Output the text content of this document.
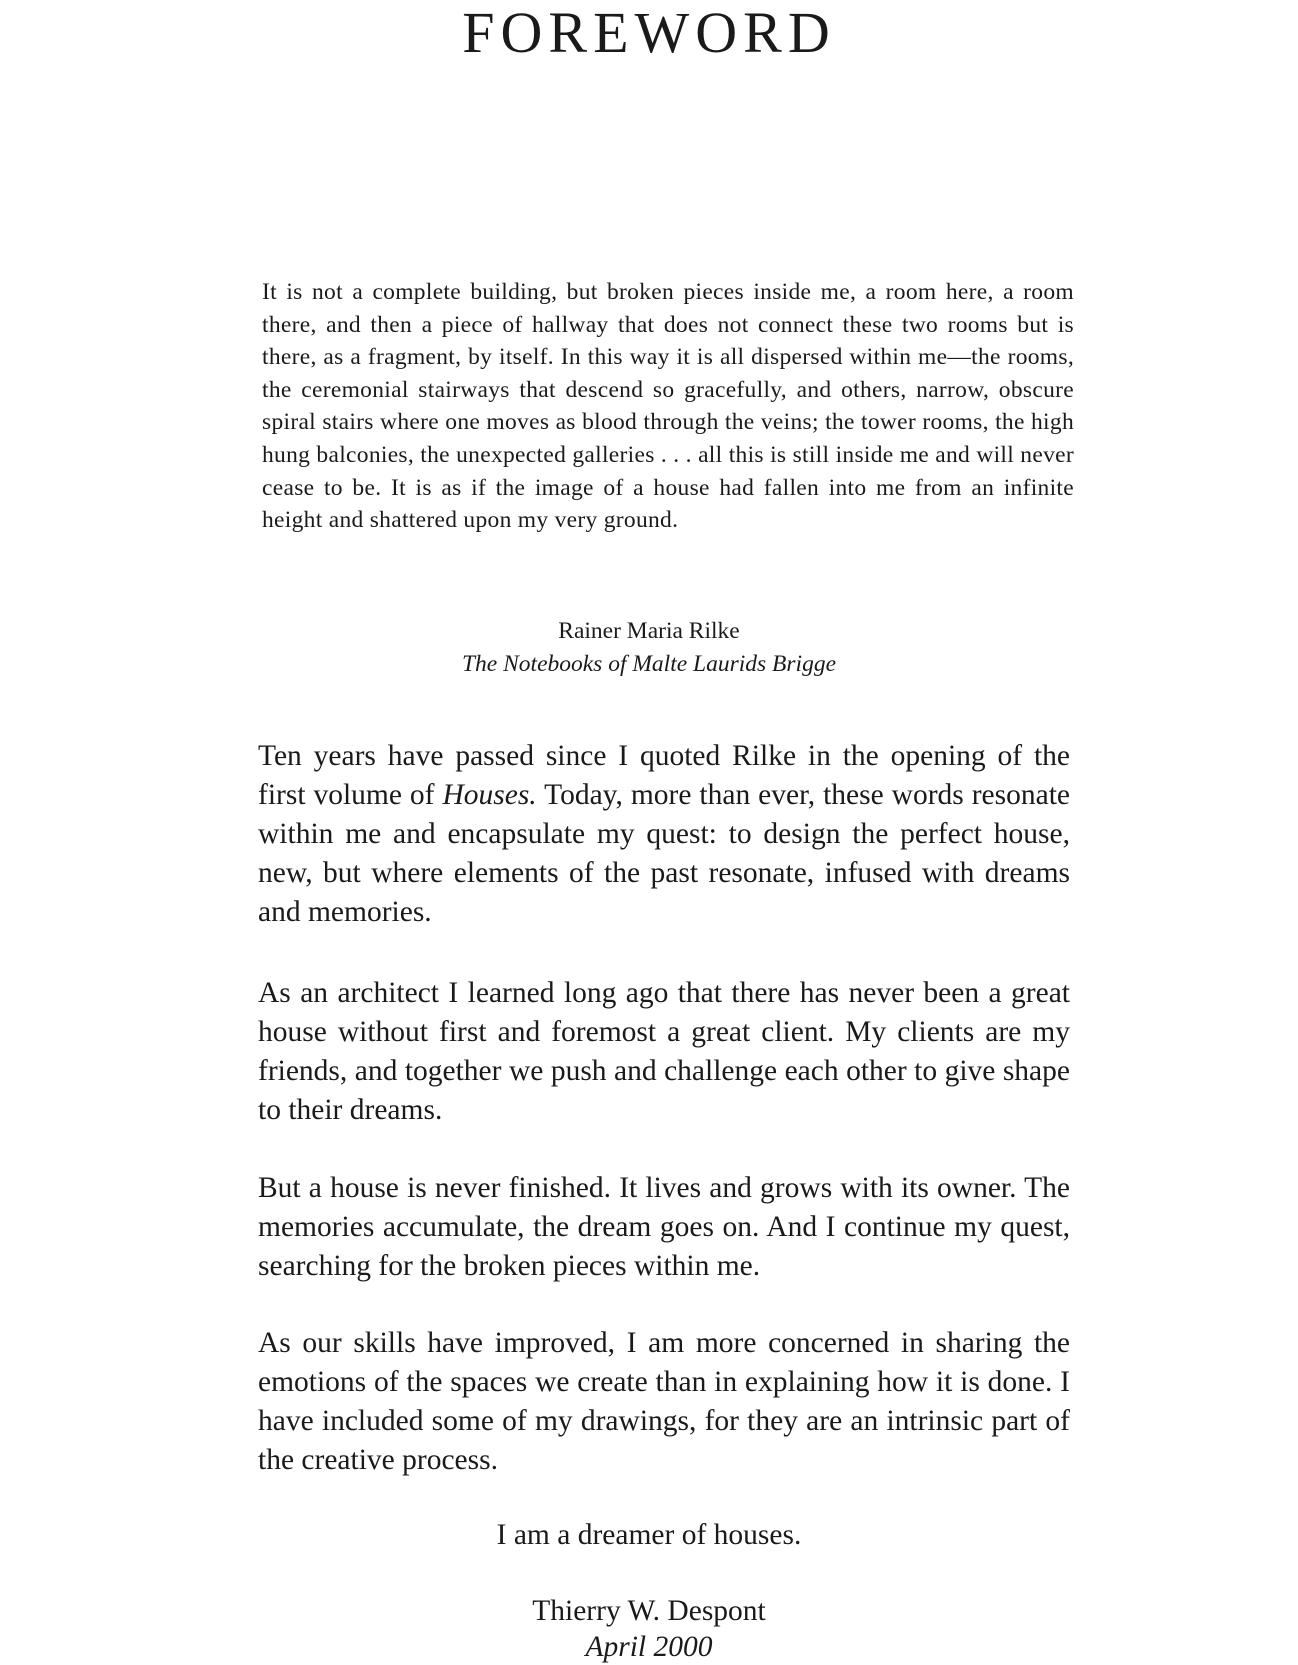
FOREWORD

It is not a complete building, but broken pieces inside me, a room here, a room there, and then a piece of hallway that does not connect these two rooms but is there, as a fragment, by itself. In this way it is all dispersed within me—the rooms, the ceremonial stairways that descend so gracefully, and others, narrow, obscure spiral stairs where one moves as blood through the veins; the tower rooms, the high hung balconies, the unexpected galleries . . . all this is still inside me and will never cease to be. It is as if the image of a house had fallen into me from an infinite height and shattered upon my very ground.

Rainer Maria Rilke
The Notebooks of Malte Laurids Brigge

Ten years have passed since I quoted Rilke in the opening of the first volume of Houses. Today, more than ever, these words resonate within me and encapsulate my quest: to design the perfect house, new, but where elements of the past resonate, infused with dreams and memories.

As an architect I learned long ago that there has never been a great house without first and foremost a great client. My clients are my friends, and together we push and challenge each other to give shape to their dreams.

But a house is never finished. It lives and grows with its owner. The memories accumulate, the dream goes on. And I continue my quest, searching for the broken pieces within me.

As our skills have improved, I am more concerned in sharing the emotions of the spaces we create than in explaining how it is done. I have included some of my drawings, for they are an intrinsic part of the creative process.

I am a dreamer of houses.

Thierry W. Despont
April 2000
